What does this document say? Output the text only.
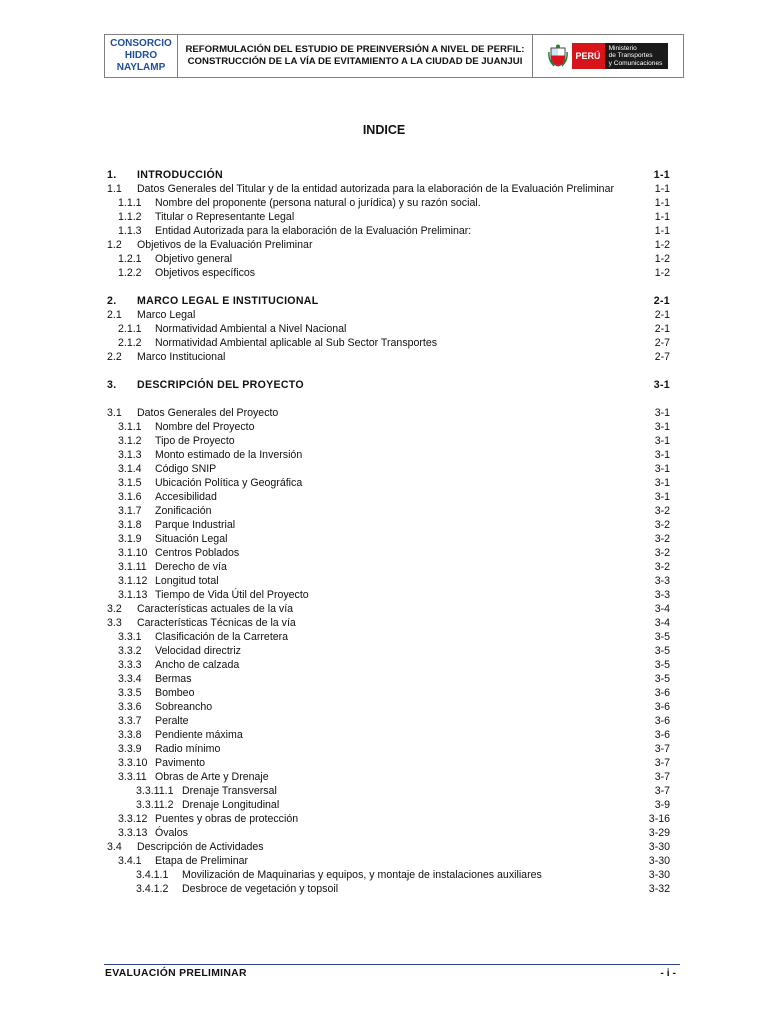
CONSORCIO
HIDRO
NAYLAMP
REFORMULACIÓN DEL ESTUDIO DE PREINVERSIÓN A NIVEL DE PERFIL:
CONSTRUCCIÓN DE LA VÍA DE EVITAMIENTO A LA CIUDAD DE JUANJUI	PERÚ
Ministerio
de Transportes
y Comunicaciones
INDICE
1. INTRODUCCIÓN	1-1
1.1 Datos Generales del Titular y de la entidad autorizada para la elaboración de la Evaluación Preliminar	1-1
1.1.1 Nombre del proponente (persona natural o jurídica) y su razón social.	1-1
1.1.2 Titular o Representante Legal	1-1
1.1.3 Entidad Autorizada para la elaboración de la Evaluación Preliminar:	1-1
1.2 Objetivos de la Evaluación Preliminar	1-2
1.2.1 Objetivo general	1-2
1.2.2 Objetivos específicos	1-2
2. MARCO LEGAL E INSTITUCIONAL	2-1
2.1 Marco Legal	2-1
2.1.1 Normatividad Ambiental a Nivel Nacional	2-1
2.1.2 Normatividad Ambiental aplicable al Sub Sector Transportes	2-7
2.2 Marco Institucional	2-7
3. DESCRIPCIÓN DEL PROYECTO	3-1
3.1 Datos Generales del Proyecto	3-1
3.1.1 Nombre del Proyecto	3-1
3.1.2 Tipo de Proyecto	3-1
3.1.3 Monto estimado de la Inversión	3-1
3.1.4 Código SNIP	3-1
3.1.5 Ubicación Política y Geográfica	3-1
3.1.6 Accesibilidad	3-1
3.1.7 Zonificación	3-2
3.1.8 Parque Industrial	3-2
3.1.9 Situación Legal	3-2
3.1.10 Centros Poblados	3-2
3.1.11 Derecho de vía	3-2
3.1.12 Longitud total	3-3
3.1.13 Tiempo de Vida Útil del Proyecto	3-3
3.2 Características actuales de la vía	3-4
3.3 Características Técnicas de la vía	3-4
3.3.1 Clasificación de la Carretera	3-5
3.3.2 Velocidad directriz	3-5
3.3.3 Ancho de calzada	3-5
3.3.4 Bermas	3-5
3.3.5 Bombeo	3-6
3.3.6 Sobreancho	3-6
3.3.7 Peralte	3-6
3.3.8 Pendiente máxima	3-6
3.3.9 Radio mínimo	3-7
3.3.10 Pavimento	3-7
3.3.11 Obras de Arte y Drenaje	3-7
3.3.11.1 Drenaje Transversal	3-7
3.3.11.2 Drenaje Longitudinal	3-9
3.3.12 Puentes y obras de protección	3-16
3.3.13 Óvalos	3-29
3.4 Descripción de Actividades	3-30
3.4.1 Etapa de Preliminar	3-30
3.4.1.1 Movilización de Maquinarias y equipos, y montaje de instalaciones auxiliares	3-30
3.4.1.2 Desbroce de vegetación y topsoil	3-32
EVALUACIÓN PRELIMINAR	- i -
